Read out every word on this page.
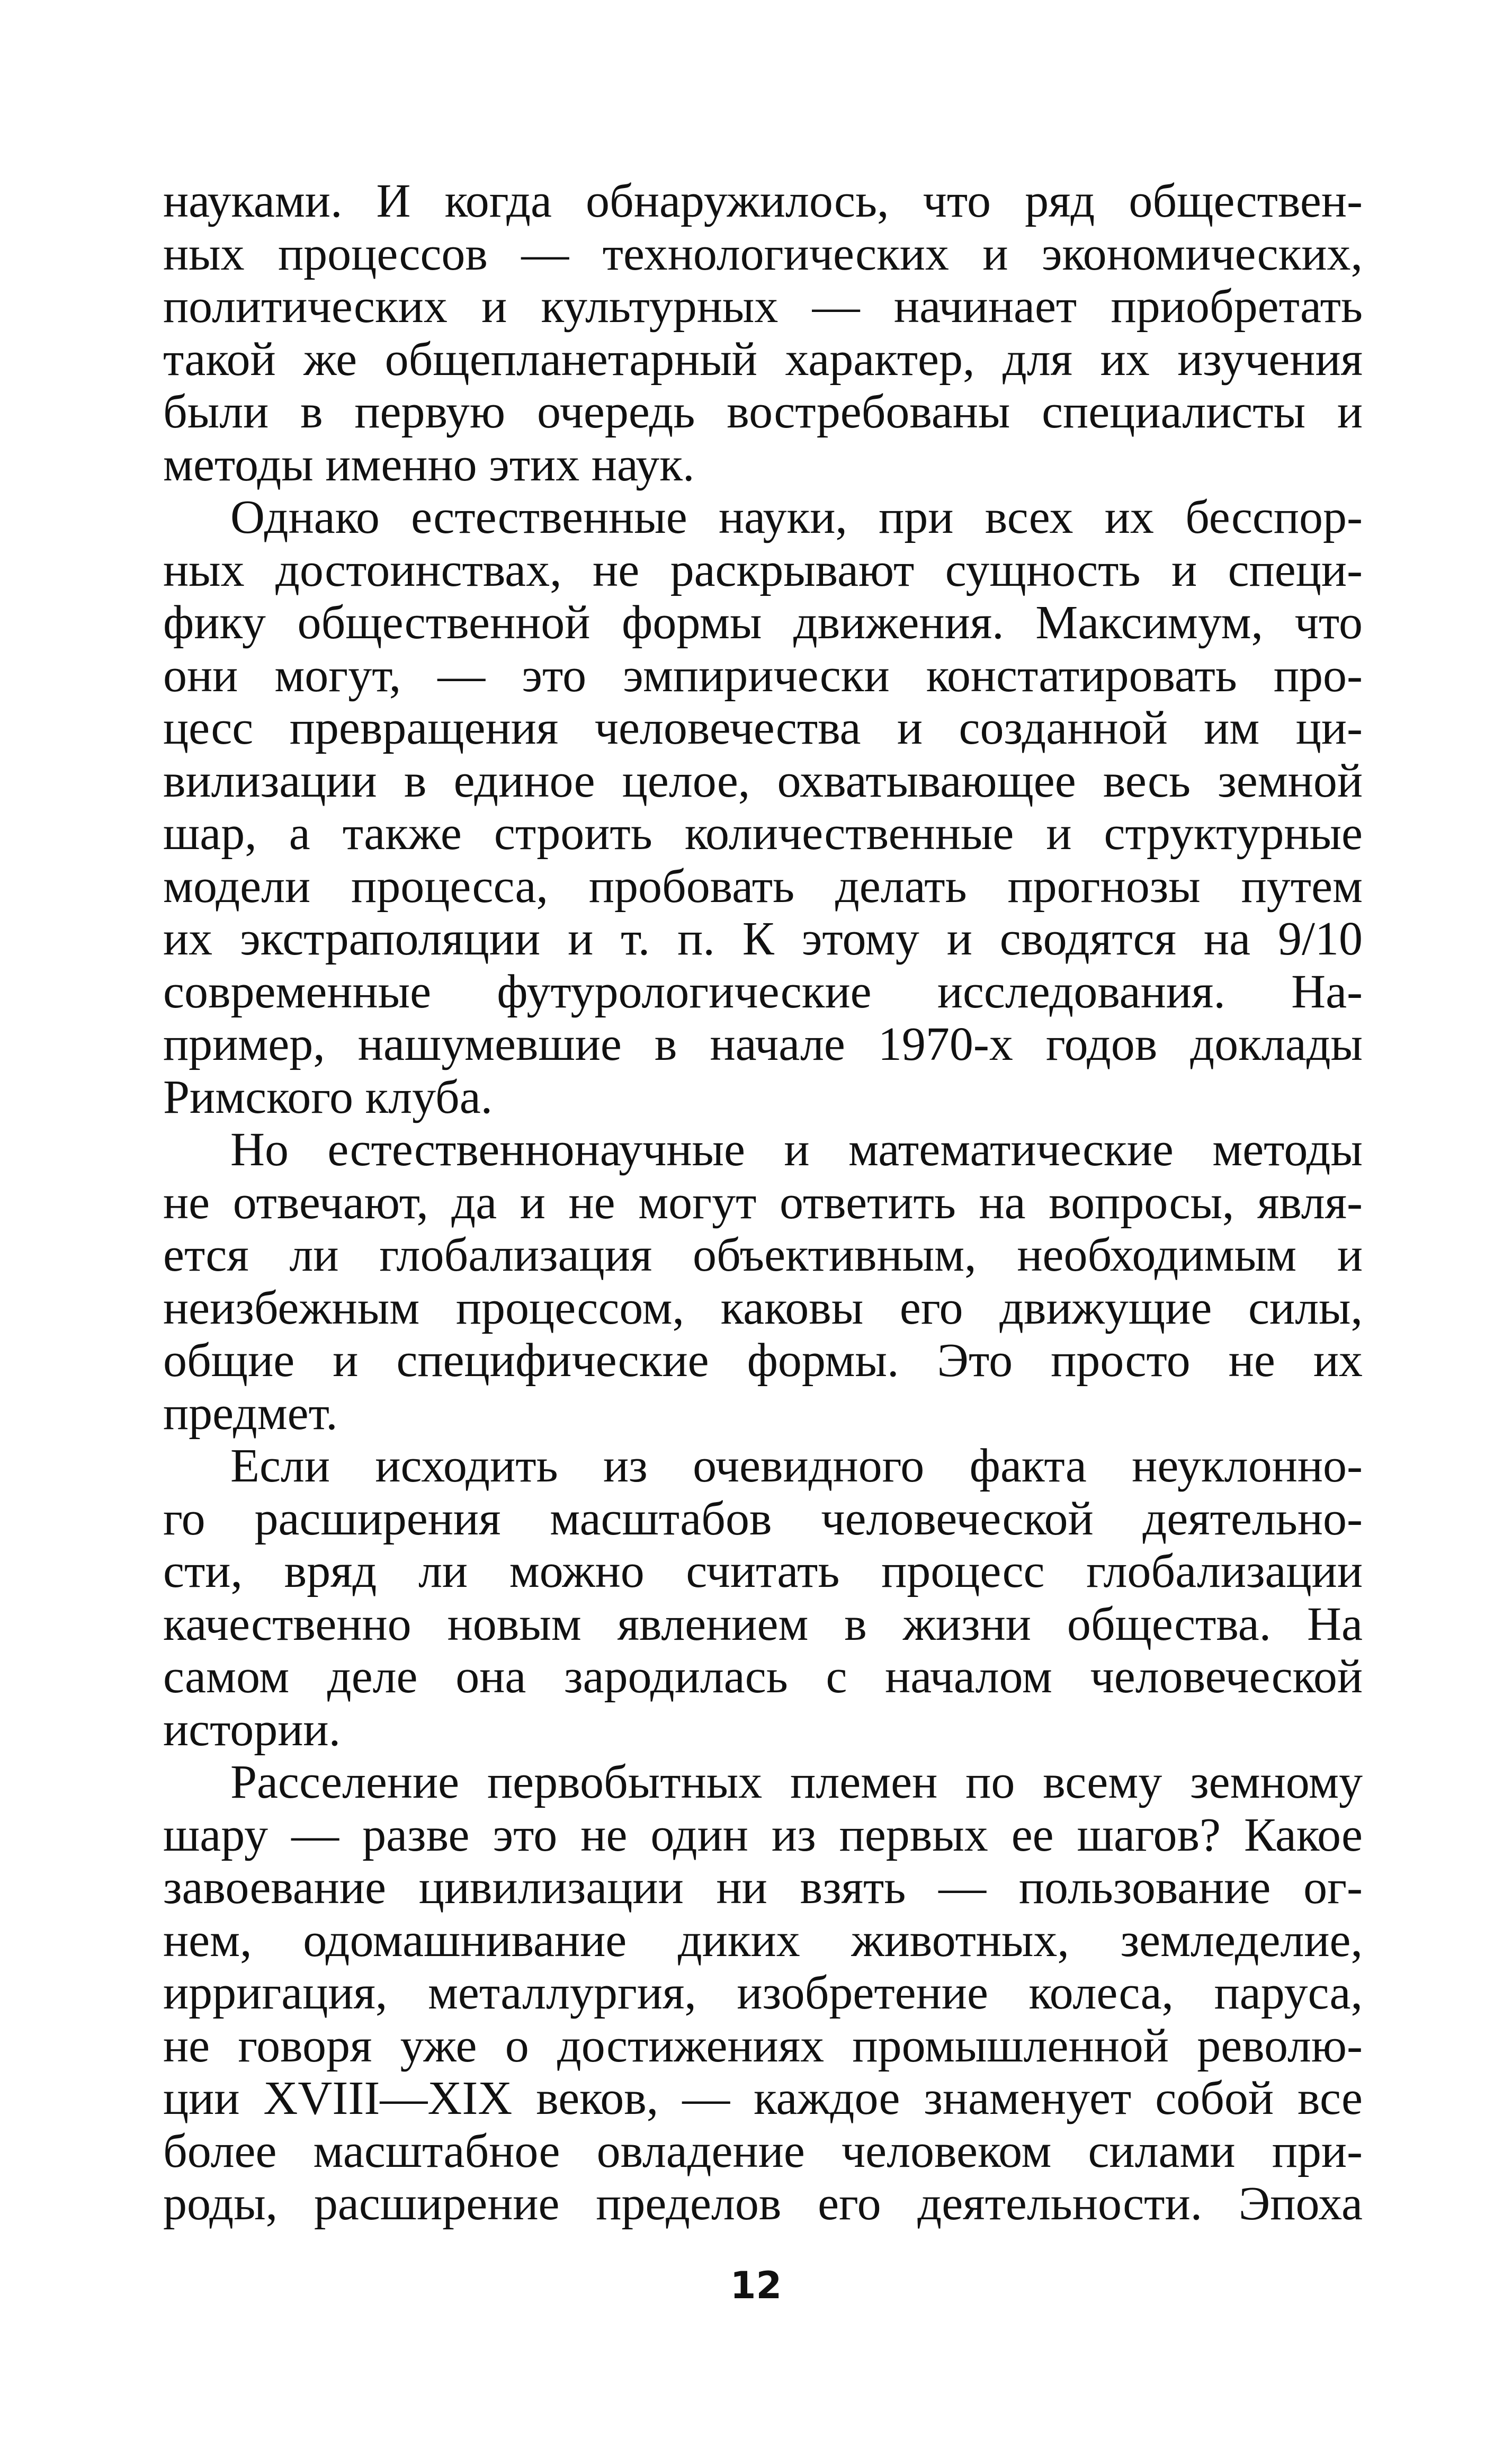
науками. И когда обнаружилось, что ряд обществен-
ных процессов — технологических и экономических,
политических и культурных — начинает приобретать
такой же общепланетарный характер, для их изучения
были в первую очередь востребованы специалисты и
методы именно этих наук.
Однако естественные науки, при всех их бесспор-
ных достоинствах, не раскрывают сущность и специ-
фику общественной формы движения. Максимум, что
они могут, — это эмпирически констатировать про-
цесс превращения человечества и созданной им ци-
вилизации в единое целое, охватывающее весь земной
шар, а также строить количественные и структурные
модели процесса, пробовать делать прогнозы путем
их экстраполяции и т. п. К этому и сводятся на 9/10
современные футурологические исследования. На-
пример, нашумевшие в начале 1970-х годов доклады
Римского клуба.
Но естественнонаучные и математические методы
не отвечают, да и не могут ответить на вопросы, явля-
ется ли глобализация объективным, необходимым и
неизбежным процессом, каковы его движущие силы,
общие и специфические формы. Это просто не их
предмет.
Если исходить из очевидного факта неуклонно-
го расширения масштабов человеческой деятельно-
сти, вряд ли можно считать процесс глобализации
качественно новым явлением в жизни общества. На
самом деле она зародилась с началом человеческой
истории.
Расселение первобытных племен по всему земному
шару — разве это не один из первых ее шагов? Какое
завоевание цивилизации ни взять — пользование ог-
нем, одомашнивание диких животных, земледелие,
ирригация, металлургия, изобретение колеса, паруса,
не говоря уже о достижениях промышленной револю-
ции XVIII—XIX веков, — каждое знаменует собой все
более масштабное овладение человеком силами при-
роды, расширение пределов его деятельности. Эпоха
12
